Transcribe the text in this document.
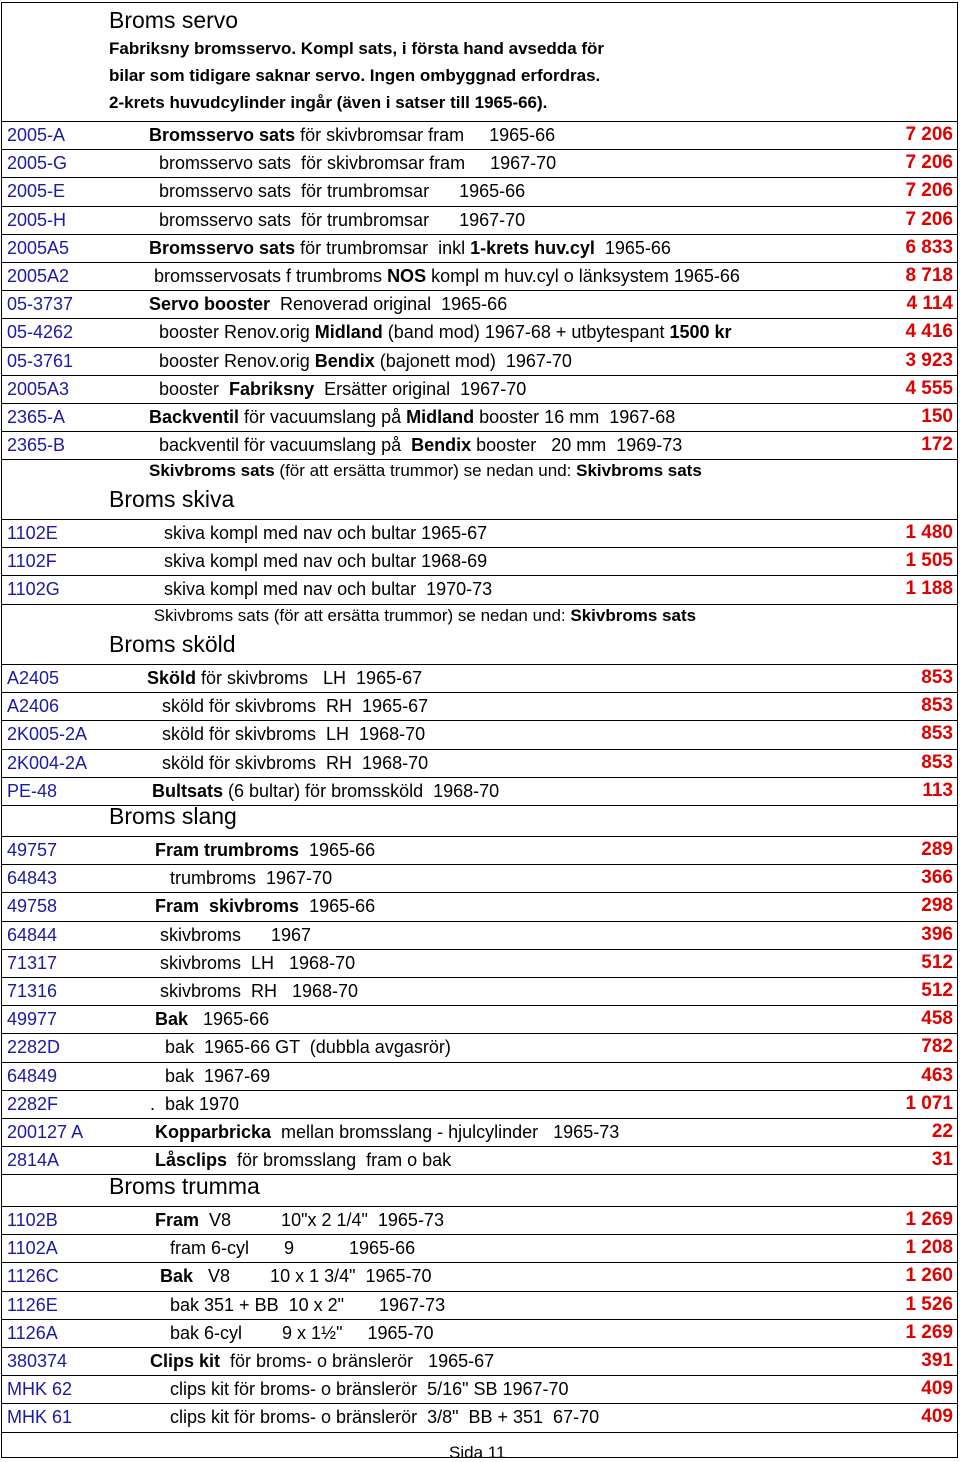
Broms servo
Fabriksny bromsservo. Kompl sats, i första hand avsedda för
bilar som tidigare saknar servo. Ingen ombyggnad erfordras.
2-krets huvudcylinder ingår (även i satser till 1965-66).
2005-A	Bromsservo sats för skivbromsar fram     1965-66	7 206
2005-G	bromsservo sats  för skivbromsar fram     1967-70	7 206
2005-E	bromsservo sats  för trumbromsar      1965-66	7 206
2005-H	bromsservo sats  för trumbromsar      1967-70	7 206
2005A5	Bromsservo sats för trumbromsar  inkl 1-krets huv.cyl  1965-66	6 833
2005A2	bromsservosats f trumbroms NOS kompl m huv.cyl o länksystem 1965-66	8 718
05-3737	Servo booster  Renoverad original  1965-66	4 114
05-4262	booster Renov.orig Midland (band mod) 1967-68 + utbytespant 1500 kr	4 416
05-3761	booster Renov.orig Bendix (bajonett mod)  1967-70	3 923
2005A3	booster  Fabriksny  Ersätter original  1967-70	4 555
2365-A	Backventil för vacuumslang på Midland booster 16 mm  1967-68	150
2365-B	backventil för vacuumslang på  Bendix booster   20 mm  1969-73	172
Skivbroms sats (för att ersätta trummor) se nedan und: Skivbroms sats
Broms skiva
1102E	skiva kompl med nav och bultar 1965-67	1 480
1102F	skiva kompl med nav och bultar 1968-69	1 505
1102G	skiva kompl med nav och bultar  1970-73	1 188
Skivbroms sats (för att ersätta trummor) se nedan und: Skivbroms sats
Broms sköld
A2405	Sköld för skivbroms   LH  1965-67	853
A2406	sköld för skivbroms  RH  1965-67	853
2K005-2A	sköld för skivbroms  LH  1968-70	853
2K004-2A	sköld för skivbroms  RH  1968-70	853
PE-48	Bultsats (6 bultar) för bromssköld  1968-70	113
Broms slang
49757	Fram trumbroms  1965-66	289
64843	trumbroms  1967-70	366
49758	Fram  skivbroms  1965-66	298
64844	skivbroms      1967	396
71317	skivbroms  LH   1968-70	512
71316	skivbroms  RH   1968-70	512
49977	Bak   1965-66	458
2282D	bak  1965-66 GT  (dubbla avgasrör)	782
64849	bak  1967-69	463
2282F	.  bak 1970	1 071
200127 A	Kopparbricka  mellan bromsslang - hjulcylinder   1965-73	22
2814A	Låsclips  för bromsslang  fram o bak	31
Broms trumma
1102B	Fram  V8          10"x 2 1/4"  1965-73	1 269
1102A	fram 6-cyl       9           1965-66	1 208
1126C	Bak   V8        10 x 1 3/4"  1965-70	1 260
1126E	bak 351 + BB  10 x 2"       1967-73	1 526
1126A	bak 6-cyl        9 x 1½"     1965-70	1 269
380374	Clips kit  för broms- o bränslerör   1965-67	391
MHK 62	clips kit för broms- o bränslerör  5/16" SB 1967-70	409
MHK 61	clips kit för broms- o bränslerör  3/8"  BB + 351  67-70	409
Sida 11
